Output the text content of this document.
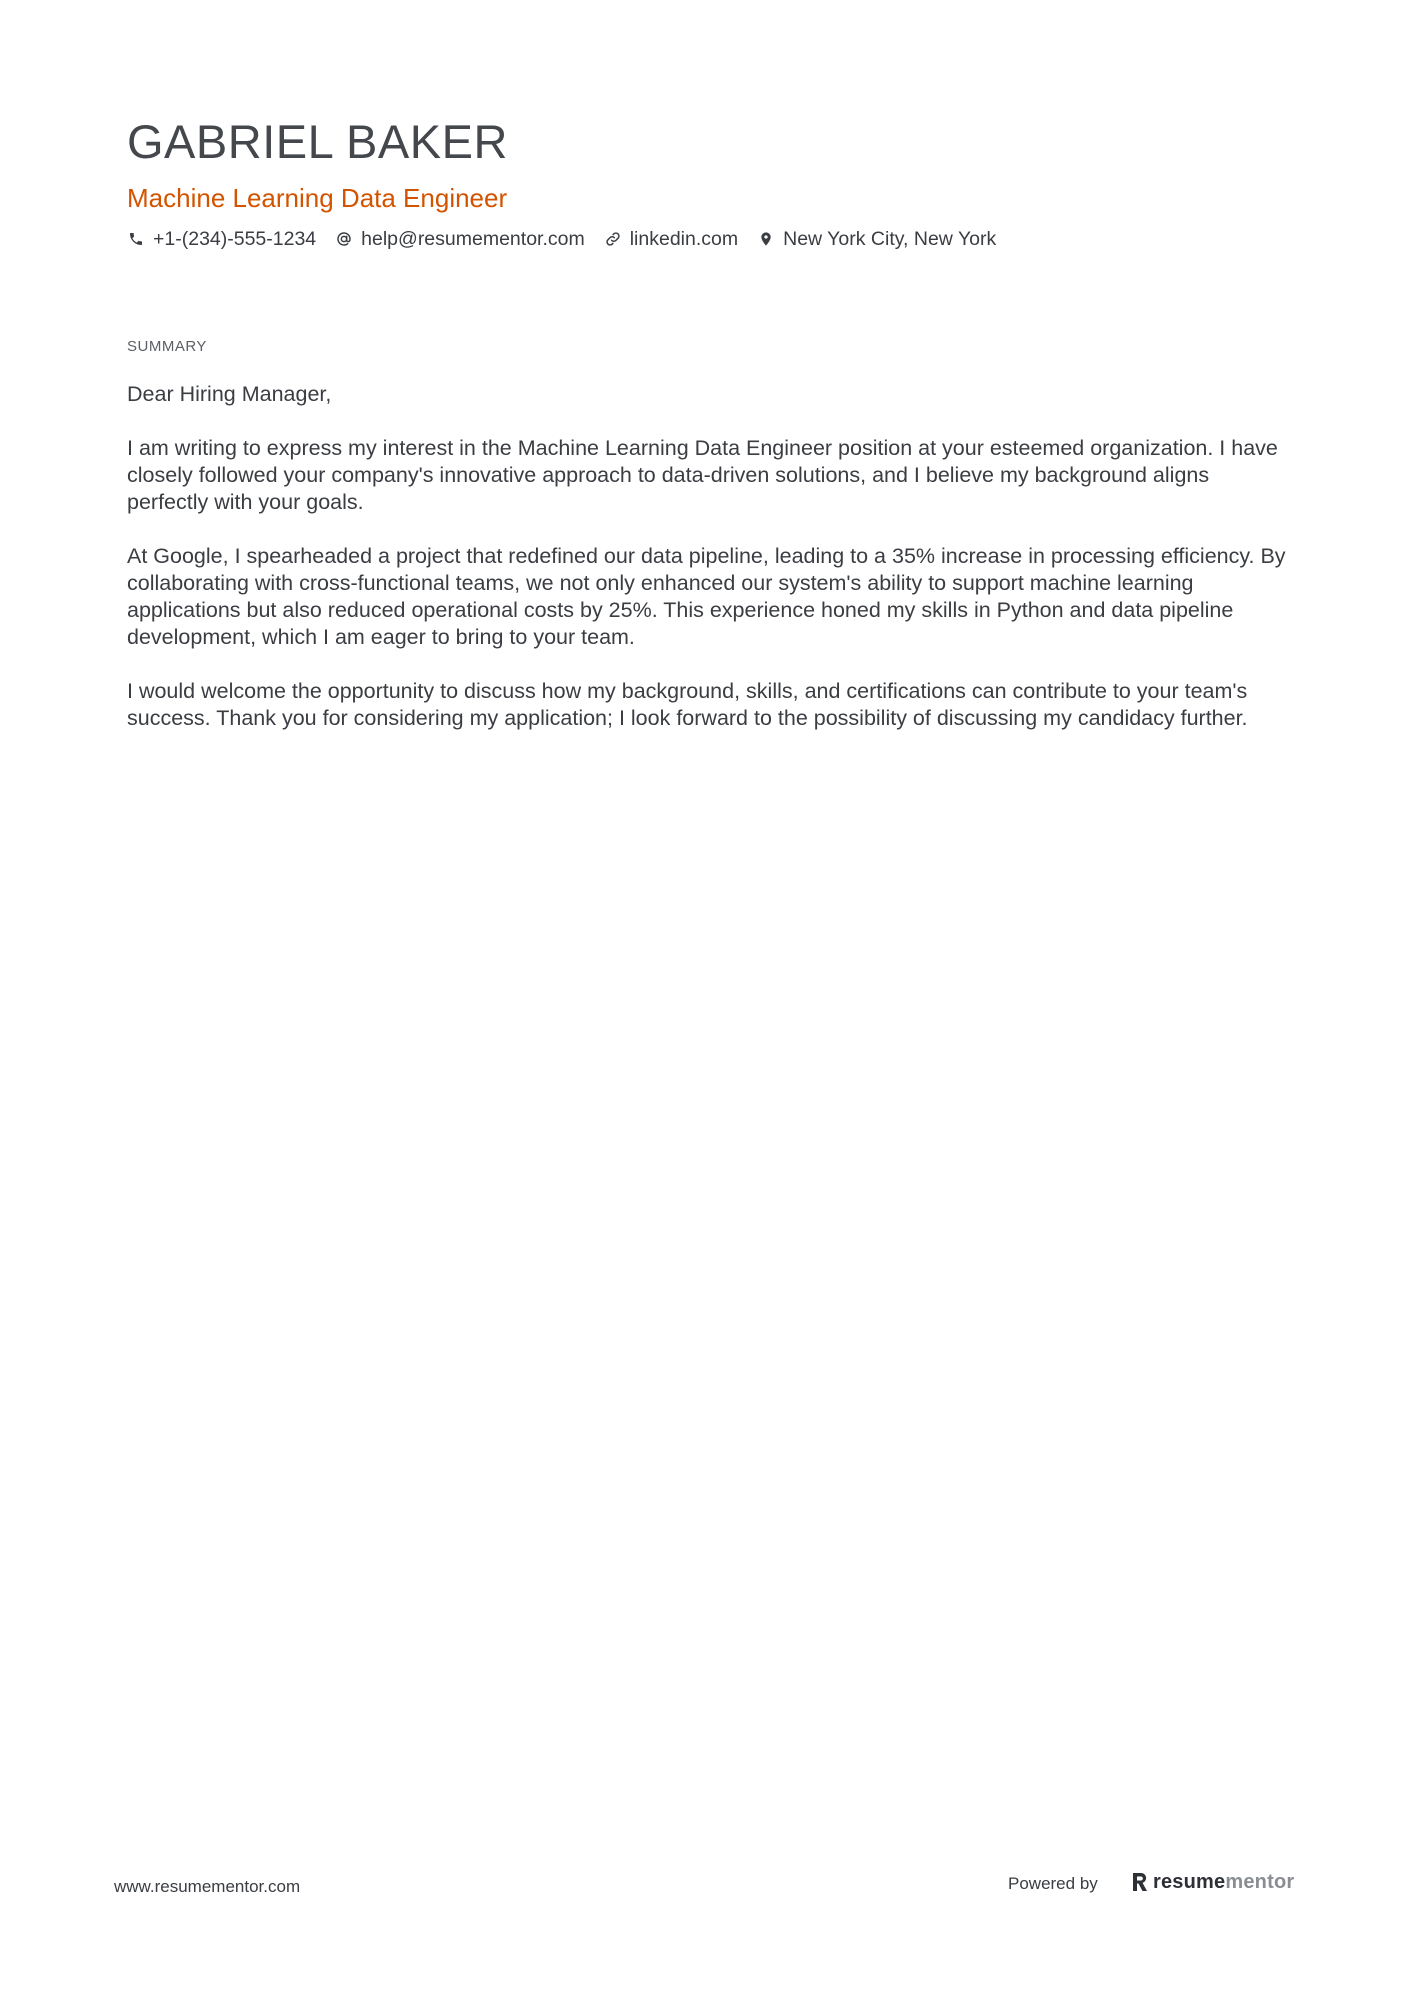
GABRIEL BAKER
Machine Learning Data Engineer
+1-(234)-555-1234 help@resumementor.com linkedin.com New York City, New York
SUMMARY

Dear Hiring Manager,

I am writing to express my interest in the Machine Learning Data Engineer position at your esteemed organization. I have closely followed your company's innovative approach to data-driven solutions, and I believe my background aligns perfectly with your goals.

At Google, I spearheaded a project that redefined our data pipeline, leading to a 35% increase in processing efficiency. By collaborating with cross-functional teams, we not only enhanced our system's ability to support machine learning applications but also reduced operational costs by 25%. This experience honed my skills in Python and data pipeline development, which I am eager to bring to your team.

I would welcome the opportunity to discuss how my background, skills, and certifications can contribute to your team's success. Thank you for considering my application; I look forward to the possibility of discussing my candidacy further.

www.resumementor.com	Powered by	resumementor
